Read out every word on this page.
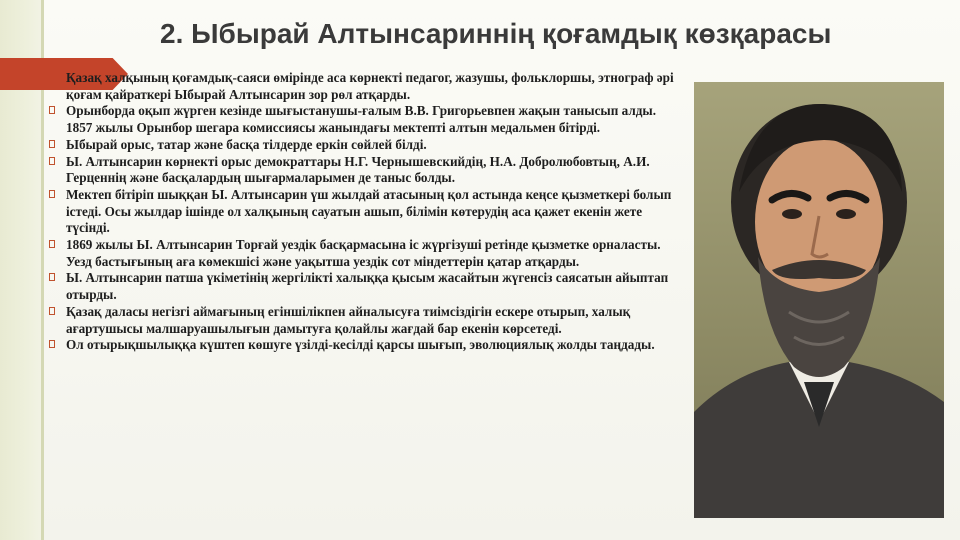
2. Ыбырай Алтынсариннің қоғамдық көзқарасы

Қазақ халқының қоғамдық-саяси өмірінде аса көрнекті педагог, жазушы, фольклоршы, этнограф әрі қоғам қайраткері Ыбырай Алтынсарин зор рөл атқарды.

Орынборда оқып жүрген кезінде шығыстанушы-ғалым В.В. Григорьевпен жақын танысып алды. 1857 жылы Орынбор шегара комиссиясы жанындағы мектепті алтын медальмен бітірді.

Ыбырай орыс, татар және басқа тілдерде еркін сөйлей білді.

Ы. Алтынсарин көрнекті орыс демократтары Н.Г. Чернышевскийдің, Н.А. Добролюбовтың, А.И. Герценнің және басқалардың шығармаларымен де таныс болды.

Мектеп бітіріп шыққан Ы. Алтынсарин үш жылдай атасының қол астында кеңсе қызметкері болып істеді. Осы жылдар ішінде ол халқының сауатын ашып, білімін көтерудің аса қажет екенін жете түсінді.

1869 жылы Ы. Алтынсарин Торғай уездік басқармасына іс жүргізуші ретінде қызметке орналасты. Уезд бастығының аға көмекшісі және уақытша уездік сот міндеттерін қатар атқарды.

Ы. Алтынсарин патша үкіметінің жергілікті халыққа қысым жасайтын жүгенсіз саясатын айыптап отырды.

Қазақ даласы негізгі аймағының егіншілікпен айналысуға тиімсіздігін ескере отырып, халық ағартушысы малшаруашылығын дамытуға қолайлы жағдай бар екенін көрсетеді.

Ол отырықшылыққа күштеп көшуге үзілді-кесілді қарсы шығып, эволюциялық жолды таңдады.
